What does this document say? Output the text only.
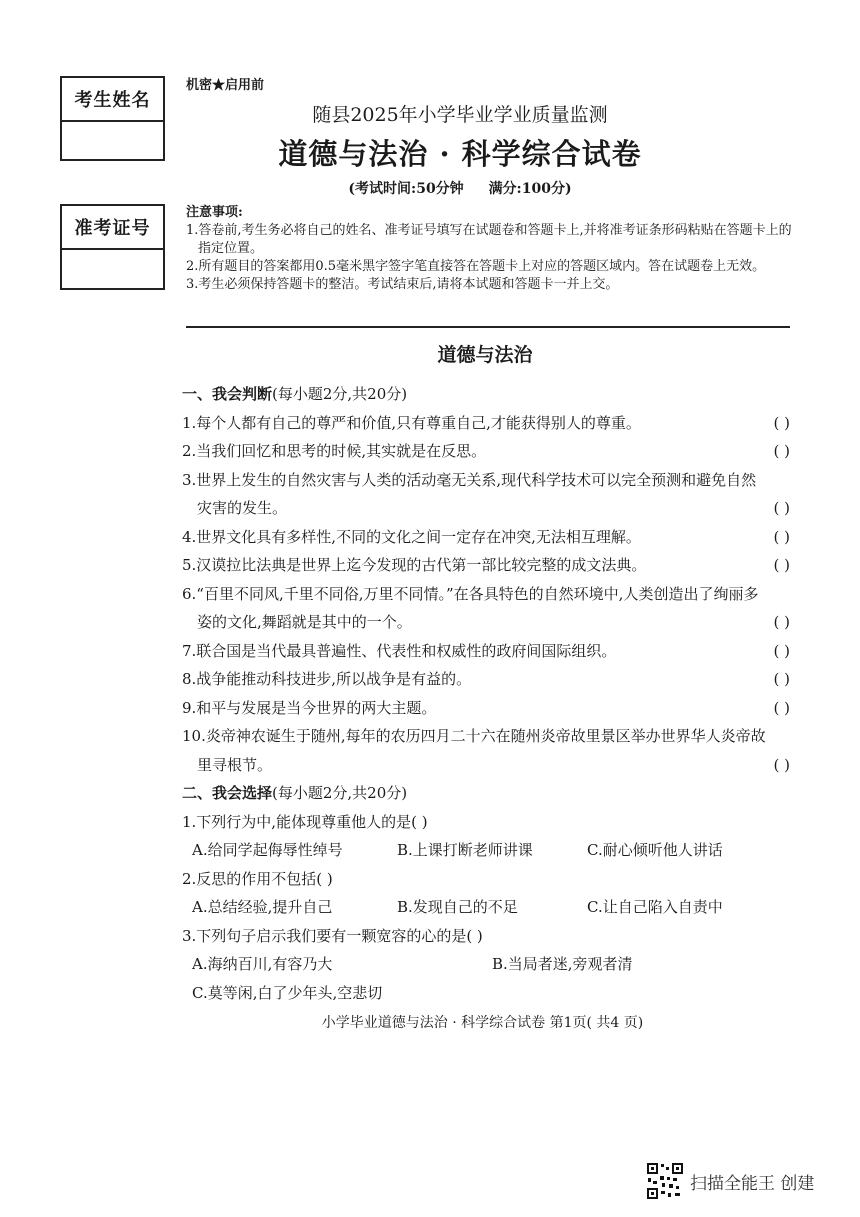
考生姓名
准考证号
机密★启用前
随县2025年小学毕业学业质量监测
道德与法治 · 科学综合试卷
(考试时间:50分钟 满分:100分)
注意事项:
1.答卷前,考生务必将自己的姓名、准考证号填写在试题卷和答题卡上,并将准考证条形码粘贴在答题卡上的指定位置。
2.所有题目的答案都用0.5毫米黑字签字笔直接答在答题卡上对应的答题区域内。答在试题卷上无效。
3.考生必须保持答题卡的整洁。考试结束后,请将本试题和答题卡一并上交。
道德与法治
一、我会判断(每小题2分,共20分)
1.每个人都有自己的尊严和价值,只有尊重自己,才能获得别人的尊重。	( )
2.当我们回忆和思考的时候,其实就是在反思。	( )
3.世界上发生的自然灾害与人类的活动毫无关系,现代科学技术可以完全预测和避免自然
灾害的发生。	( )
4.世界文化具有多样性,不同的文化之间一定存在冲突,无法相互理解。	( )
5.汉谟拉比法典是世界上迄今发现的古代第一部比较完整的成文法典。	( )
6.“百里不同风,千里不同俗,万里不同情。”在各具特色的自然环境中,人类创造出了绚丽多
姿的文化,舞蹈就是其中的一个。	( )
7.联合国是当代最具普遍性、代表性和权威性的政府间国际组织。	( )
8.战争能推动科技进步,所以战争是有益的。	( )
9.和平与发展是当今世界的两大主题。	( )
10.炎帝神农诞生于随州,每年的农历四月二十六在随州炎帝故里景区举办世界华人炎帝故
里寻根节。	( )
二、我会选择(每小题2分,共20分)
1.下列行为中,能体现尊重他人的是( )
A.给同学起侮辱性绰号	B.上课打断老师讲课	C.耐心倾听他人讲话
2.反思的作用不包括( )
A.总结经验,提升自己	B.发现自己的不足	C.让自己陷入自责中
3.下列句子启示我们要有一颗宽容的心的是( )
A.海纳百川,有容乃大	B.当局者迷,旁观者清
C.莫等闲,白了少年头,空悲切
小学毕业道德与法治 · 科学综合试卷 第1页( 共4 页)
扫描全能王 创建
